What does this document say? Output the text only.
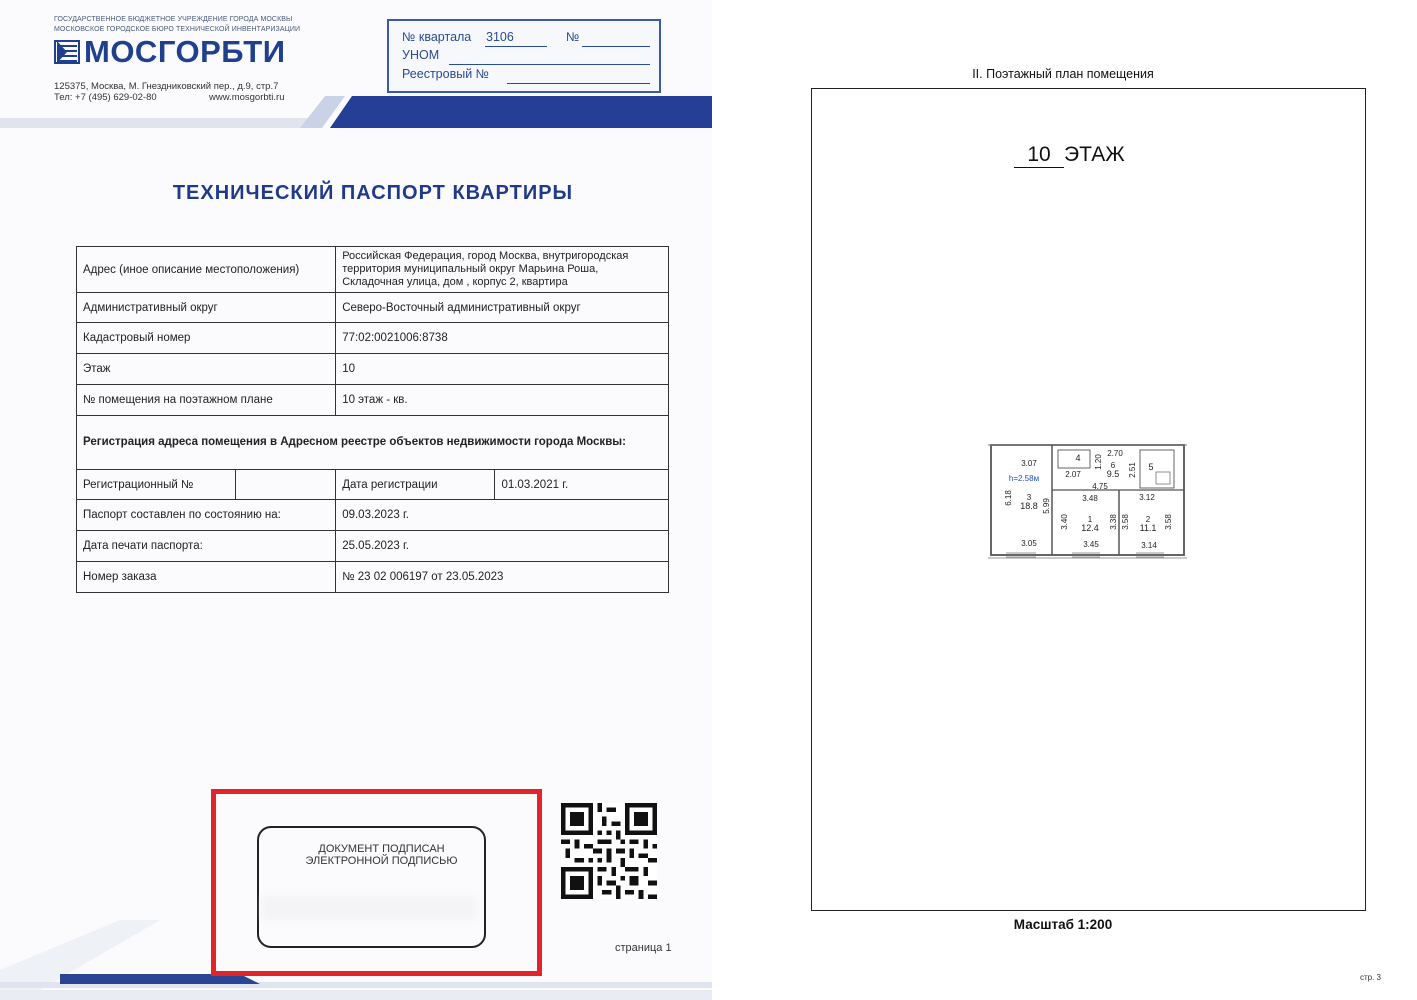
ГОСУДАРСТВЕННОЕ БЮДЖЕТНОЕ УЧРЕЖДЕНИЕ ГОРОДА МОСКВЫ
МОСКОВСКОЕ ГОРОДСКОЕ БЮРО ТЕХНИЧЕСКОЙ ИНВЕНТАРИЗАЦИИ
МОСГОРБТИ
125375, Москва, М. Гнездниковский пер., д.9, стр.7
Тел: +7 (495) 629-02-80	www.mosgorbti.ru
№ квартала 3106	№
УНОМ
Реестровый №
ТЕХНИЧЕСКИЙ ПАСПОРТ КВАРТИРЫ
Адрес (иное описание местоположения)		Российская Федерация, город Москва, внутригородская территория муниципальный округ Марьина Роша, Складочная улица, дом , корпус 2, квартира	
Административный округ		Северо-Восточный административный округ	
Кадастровый номер		77:02:0021006:8738	
Этаж		10	
№ помещения на поэтажном плане		10 этаж - кв.	
Регистрация адреса помещения в Адресном реестре объектов недвижимости города Москвы:			
Регистрационный №		Дата регистрации	01.03.2021 г.
Паспорт составлен по состоянию на:		09.03.2023 г.	
Дата печати паспорта:		25.05.2023 г.	
Номер заказа		№ 23 02 006197 от 23.05.2023	
ДОКУМЕНТ ПОДПИСАН
ЭЛЕКТРОННОЙ ПОДПИСЬЮ
страница 1
II. Поэтажный план помещения
10 ЭТАЖ
3.07
h=2.58м
6.18 3
18.8 5.99
3.05
4	2.70
1.20 6
9.5
4.75
2.07	2.51 5
3.48
3.40 1
12.4 3.38
3.45
3.12
3.58 2
11.1 3.58
3.14
Масштаб 1:200
стр. 3
